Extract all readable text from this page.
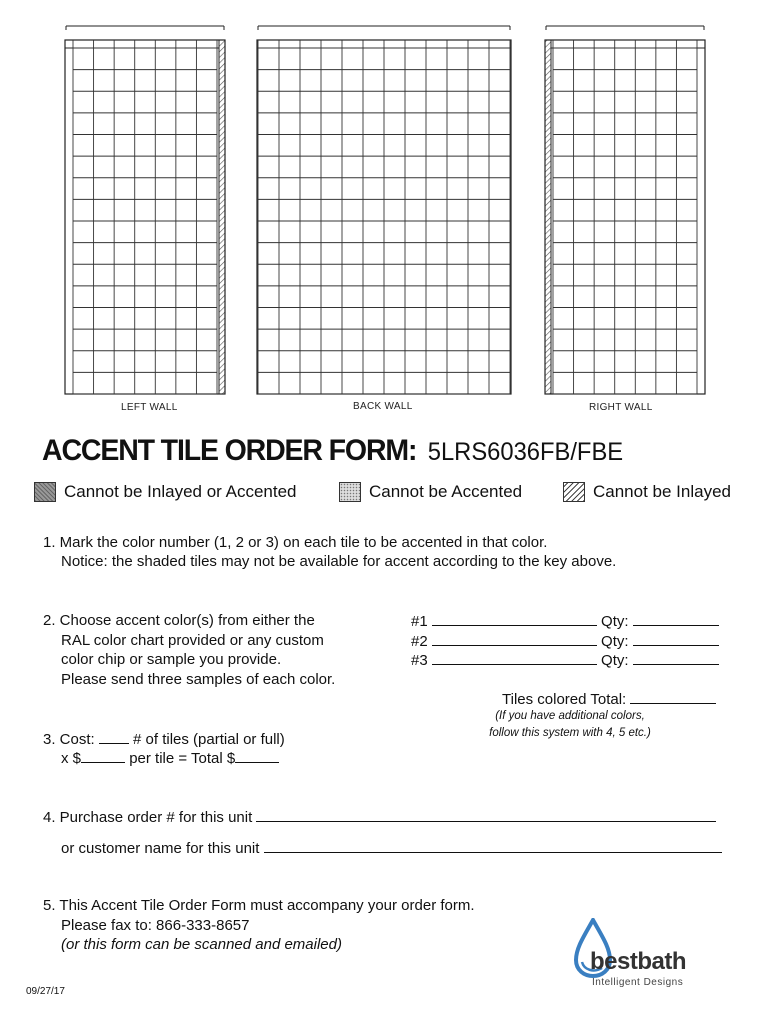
LEFT WALL	BACK WALL	RIGHT WALL
ACCENT TILE ORDER FORM: 5LRS6036FB/FBE
Cannot be Inlayed or Accented	Cannot be Accented	Cannot be Inlayed
1. Mark the color number (1, 2 or 3) on each tile to be accented in that color.
Notice: the shaded tiles may not be available for accent according to the key above.
2. Choose accent color(s) from either the
RAL color chart provided or any custom
color chip or sample you provide.
Please send three samples of each color.
#1	Qty:
#2	Qty:
#3	Qty:
Tiles colored Total:
(If you have additional colors,
follow this system with 4, 5 etc.)
3. Cost:	# of tiles (partial or full)
x $	per tile = Total $
4. Purchase order # for this unit
or customer name for this unit
5. This Accent Tile Order Form must accompany your order form.
Please fax to: 866-333-8657
(or this form can be scanned and emailed)
09/27/17
bestbath
Intelligent Designs
